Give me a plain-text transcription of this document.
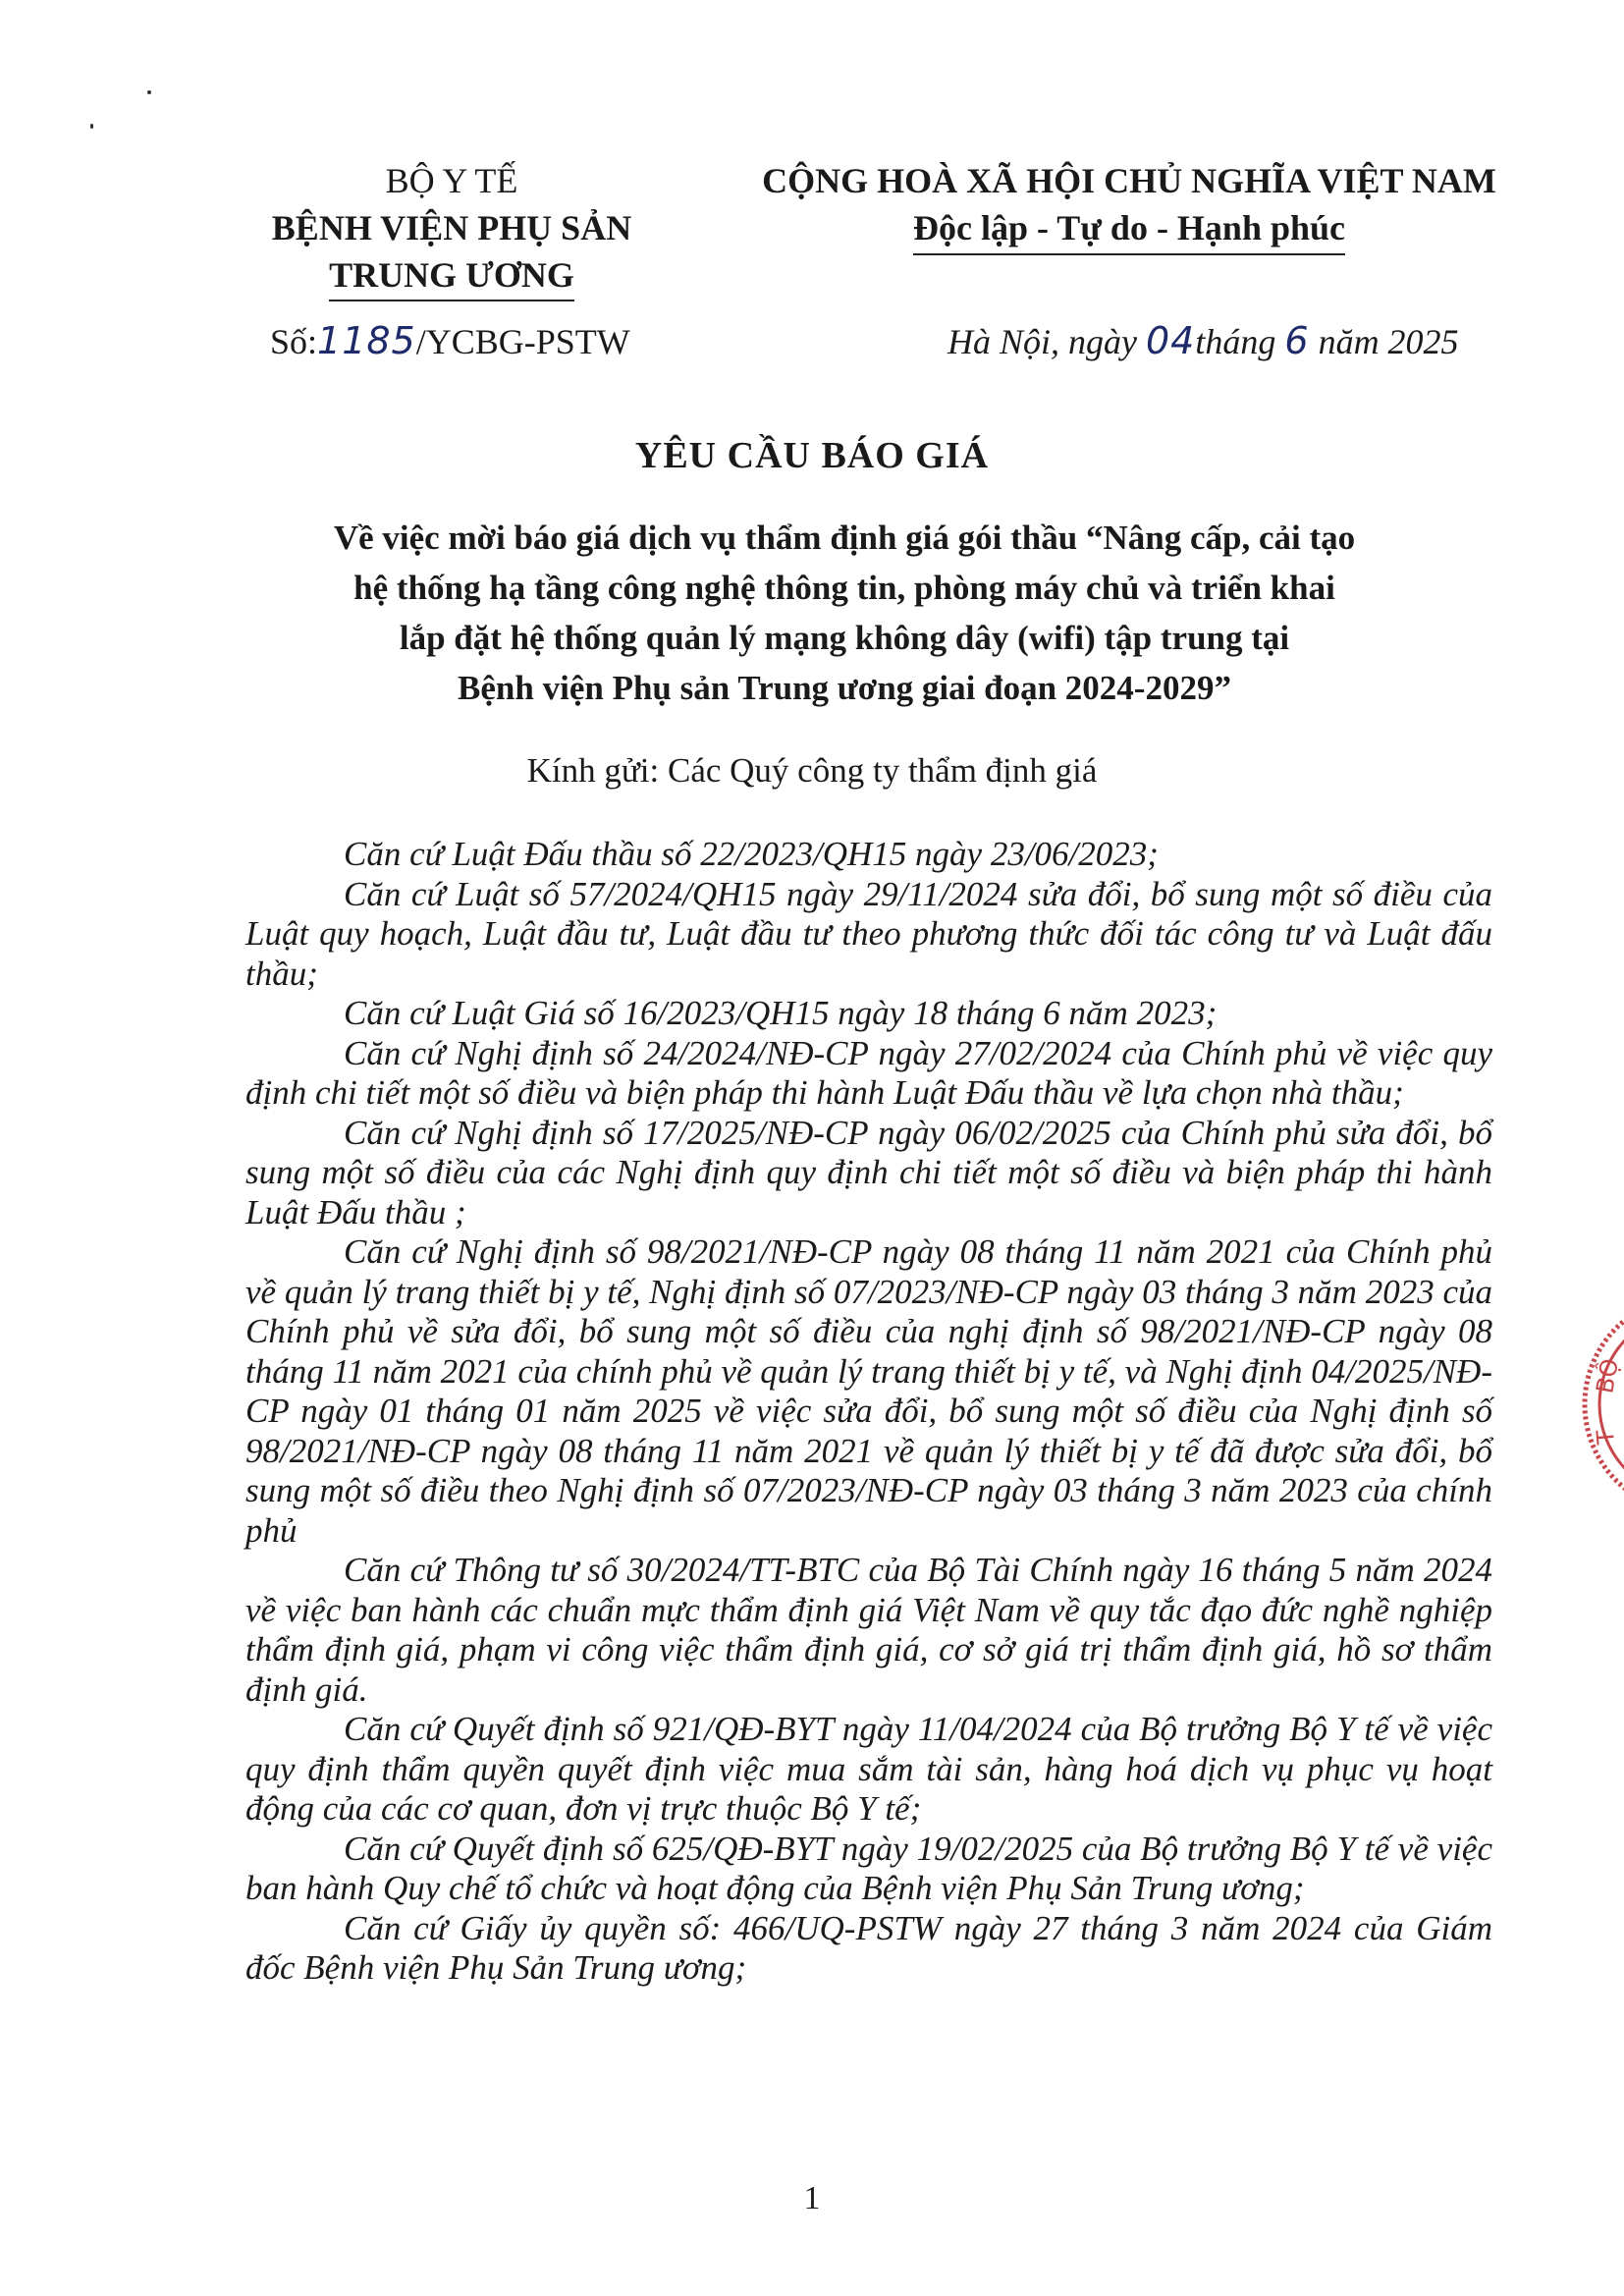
BỘ Y TẾ
BỆNH VIỆN PHỤ SẢN
TRUNG ƯƠNG
CỘNG HOÀ XÃ HỘI CHỦ NGHĨA VIỆT NAM
Độc lập - Tự do - Hạnh phúc
Số:1185/YCBG-PSTW	Hà Nội, ngày 04tháng 6 năm 2025
YÊU CẦU BÁO GIÁ
Về việc mời báo giá dịch vụ thẩm định giá gói thầu “Nâng cấp, cải tạo
hệ thống hạ tầng công nghệ thông tin, phòng máy chủ và triển khai
lắp đặt hệ thống quản lý mạng không dây (wifi) tập trung tại
Bệnh viện Phụ sản Trung ương giai đoạn 2024-2029”
Kính gửi: Các Quý công ty thẩm định giá

Căn cứ Luật Đấu thầu số 22/2023/QH15 ngày 23/06/2023;

Căn cứ Luật số 57/2024/QH15 ngày 29/11/2024 sửa đổi, bổ sung một số điều của Luật quy hoạch, Luật đầu tư, Luật đầu tư theo phương thức đối tác công tư và Luật đấu thầu;

Căn cứ Luật Giá số 16/2023/QH15 ngày 18 tháng 6 năm 2023;

Căn cứ Nghị định số 24/2024/NĐ-CP ngày 27/02/2024 của Chính phủ về việc quy định chi tiết một số điều và biện pháp thi hành Luật Đấu thầu về lựa chọn nhà thầu;

Căn cứ Nghị định số 17/2025/NĐ-CP ngày 06/02/2025 của Chính phủ sửa đổi, bổ sung một số điều của các Nghị định quy định chi tiết một số điều và biện pháp thi hành Luật Đấu thầu ;

Căn cứ Nghị định số 98/2021/NĐ-CP ngày 08 tháng 11 năm 2021 của Chính phủ về quản lý trang thiết bị y tế, Nghị định số 07/2023/NĐ-CP ngày 03 tháng 3 năm 2023 của Chính phủ về sửa đổi, bổ sung một số điều của nghị định số 98/2021/NĐ-CP ngày 08 tháng 11 năm 2021 của chính phủ về quản lý trang thiết bị y tế, và Nghị định 04/2025/NĐ-CP ngày 01 tháng 01 năm 2025 về việc sửa đổi, bổ sung một số điều của Nghị định số 98/2021/NĐ-CP ngày 08 tháng 11 năm 2021 về quản lý thiết bị y tế đã được sửa đổi, bổ sung một số điều theo Nghị định số 07/2023/NĐ-CP ngày 03 tháng 3 năm 2023 của chính phủ

Căn cứ Thông tư số 30/2024/TT-BTC của Bộ Tài Chính ngày 16 tháng 5 năm 2024 về việc ban hành các chuẩn mực thẩm định giá Việt Nam về quy tắc đạo đức nghề nghiệp thẩm định giá, phạm vi công việc thẩm định giá, cơ sở giá trị thẩm định giá, hồ sơ thẩm định giá.

Căn cứ Quyết định số 921/QĐ-BYT ngày 11/04/2024 của Bộ trưởng Bộ Y tế về việc quy định thẩm quyền quyết định việc mua sắm tài sản, hàng hoá dịch vụ phục vụ hoạt động của các cơ quan, đơn vị trực thuộc Bộ Y tế;

Căn cứ Quyết định số 625/QĐ-BYT ngày 19/02/2025 của Bộ trưởng Bộ Y tế về việc ban hành Quy chế tổ chức và hoạt động của Bệnh viện Phụ Sản Trung ương;

Căn cứ Giấy ủy quyền số: 466/UQ-PSTW ngày 27 tháng 3 năm 2024 của Giám đốc Bệnh viện Phụ Sản Trung ương;

BỘ
T
1
